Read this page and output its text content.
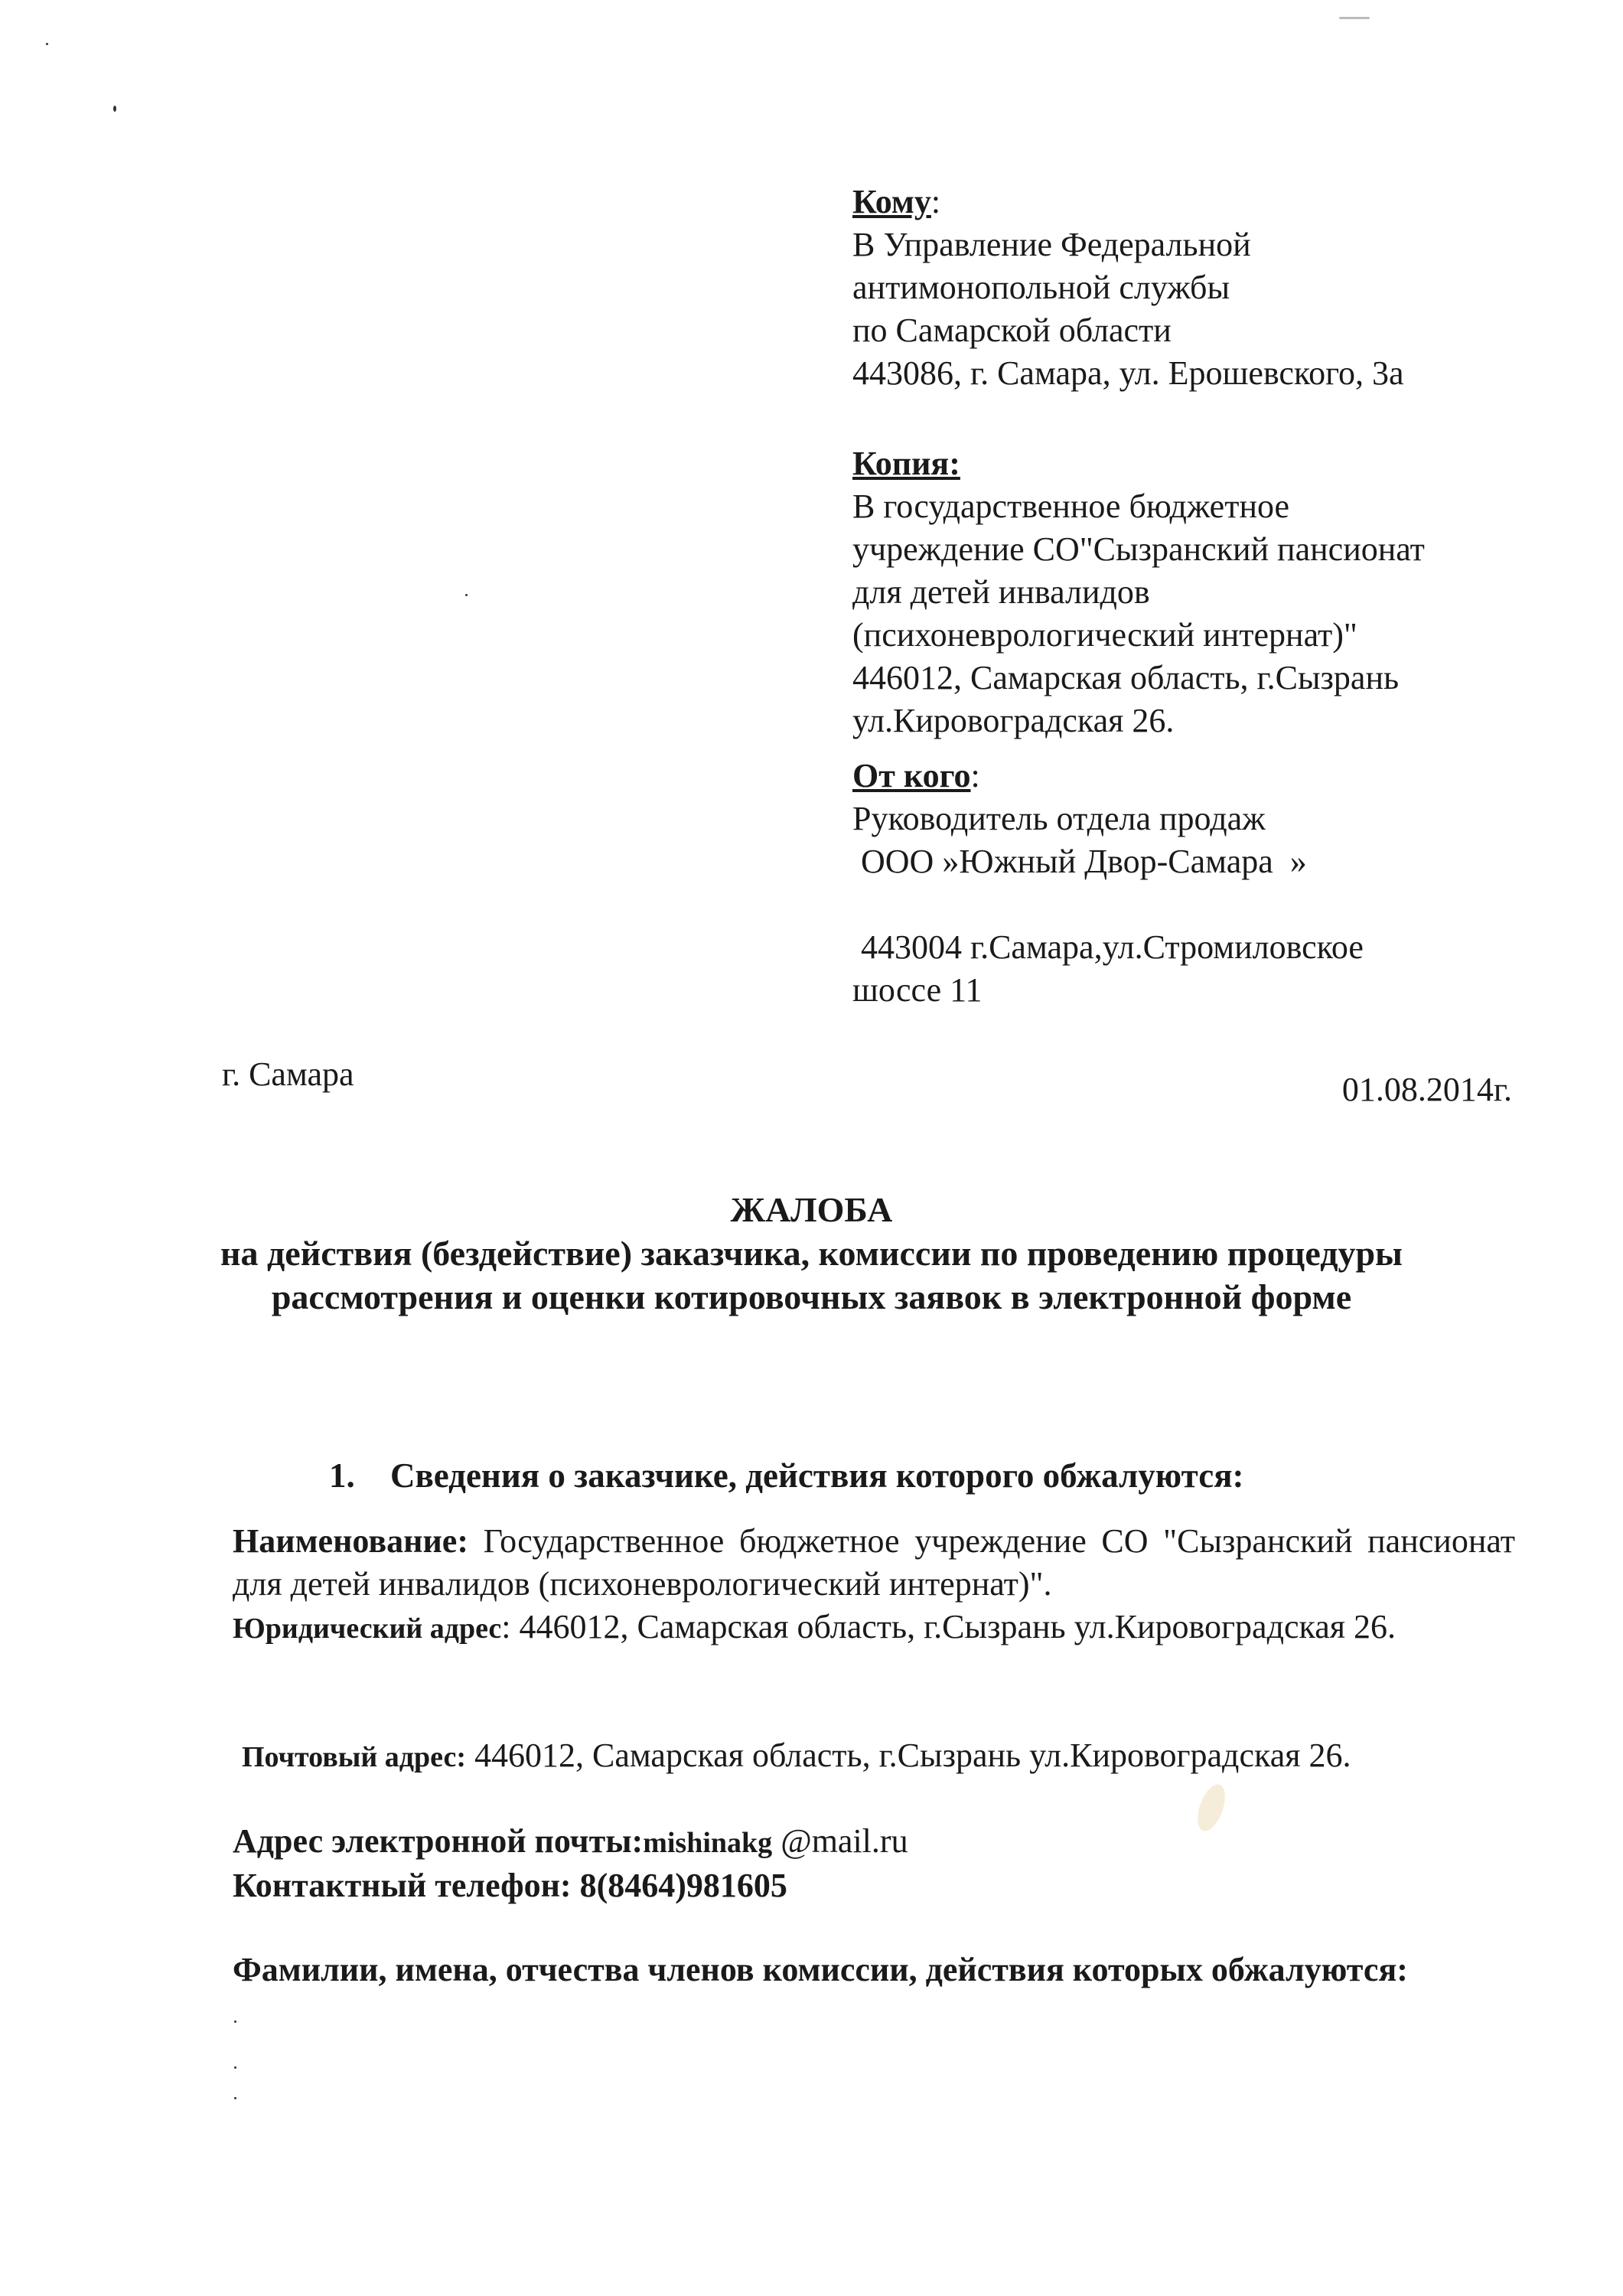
Кому:
В Управление Федеральной
антимонопольной службы
по Самарской области
443086, г. Самара, ул. Ерошевского, 3а
Копия:
В государственное бюджетное
учреждение СО"Сызранский пансионат
для детей инвалидов
(психоневрологический интернат)"
446012, Самарская область, г.Сызрань
ул.Кировоградская 26.
От кого:
Руководитель отдела продаж
ООО »Южный Двор-Самара  »
443004 г.Самара,ул.Стромиловское
шоссе 11
г. Самара	01.08.2014г.
ЖАЛОБА
на действия (бездействие) заказчика, комиссии по проведению процедуры рассмотрения и оценки котировочных заявок в электронной форме
1. Сведения о заказчике, действия которого обжалуются:

Наименование: Государственное бюджетное учреждение СО "Сызранский пансионат для детей инвалидов (психоневрологический интернат)".

Юридический адрес: 446012, Самарская область, г.Сызрань ул.Кировоградская 26.

Почтовый адрес: 446012, Самарская область, г.Сызрань ул.Кировоградская 26.

Адрес электронной почты:mishinakg @mail.ru

Контактный телефон: 8(8464)981605

Фамилии, имена, отчества членов комиссии, действия которых обжалуются:
